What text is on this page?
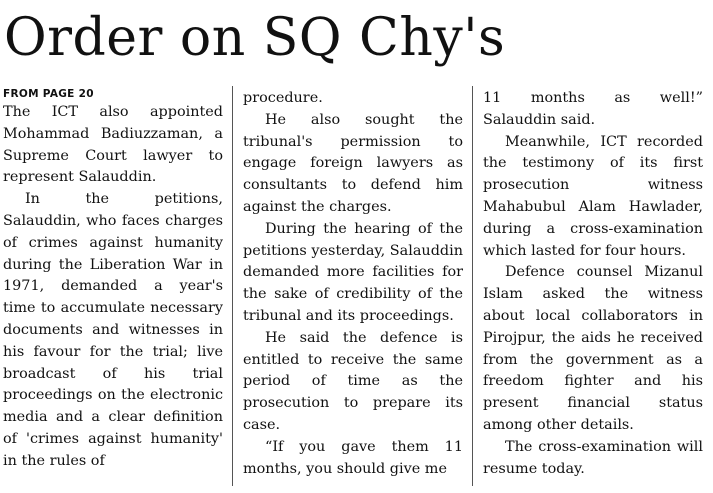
Order on SQ Chy's
FROM PAGE 20

The ICT also appointed Mohammad Badiuzzaman, a Supreme Court lawyer to represent Salauddin.

In the petitions, Salauddin, who faces charges of crimes against humanity during the Liberation War in 1971, demanded a year's time to accumulate necessary documents and witnesses in his favour for the trial; live broadcast of his trial proceedings on the electronic media and a clear definition of 'crimes against humanity' in the rules of

procedure.

He also sought the tribunal's permission to engage foreign lawyers as consultants to defend him against the charges.

During the hearing of the petitions yesterday, Salauddin demanded more facilities for the sake of credibility of the tribunal and its proceedings.

He said the defence is entitled to receive the same period of time as the prosecution to prepare its case.

“If you gave them 11 months, you should give me

11 months as well!” Salauddin said.

Meanwhile, ICT recorded the testimony of its first prosecution witness Mahabubul Alam Hawlader, during a cross-examination which lasted for four hours.

Defence counsel Mizanul Islam asked the witness about local collaborators in Pirojpur, the aids he received from the government as a freedom fighter and his present financial status among other details.

The cross-examination will resume today.
